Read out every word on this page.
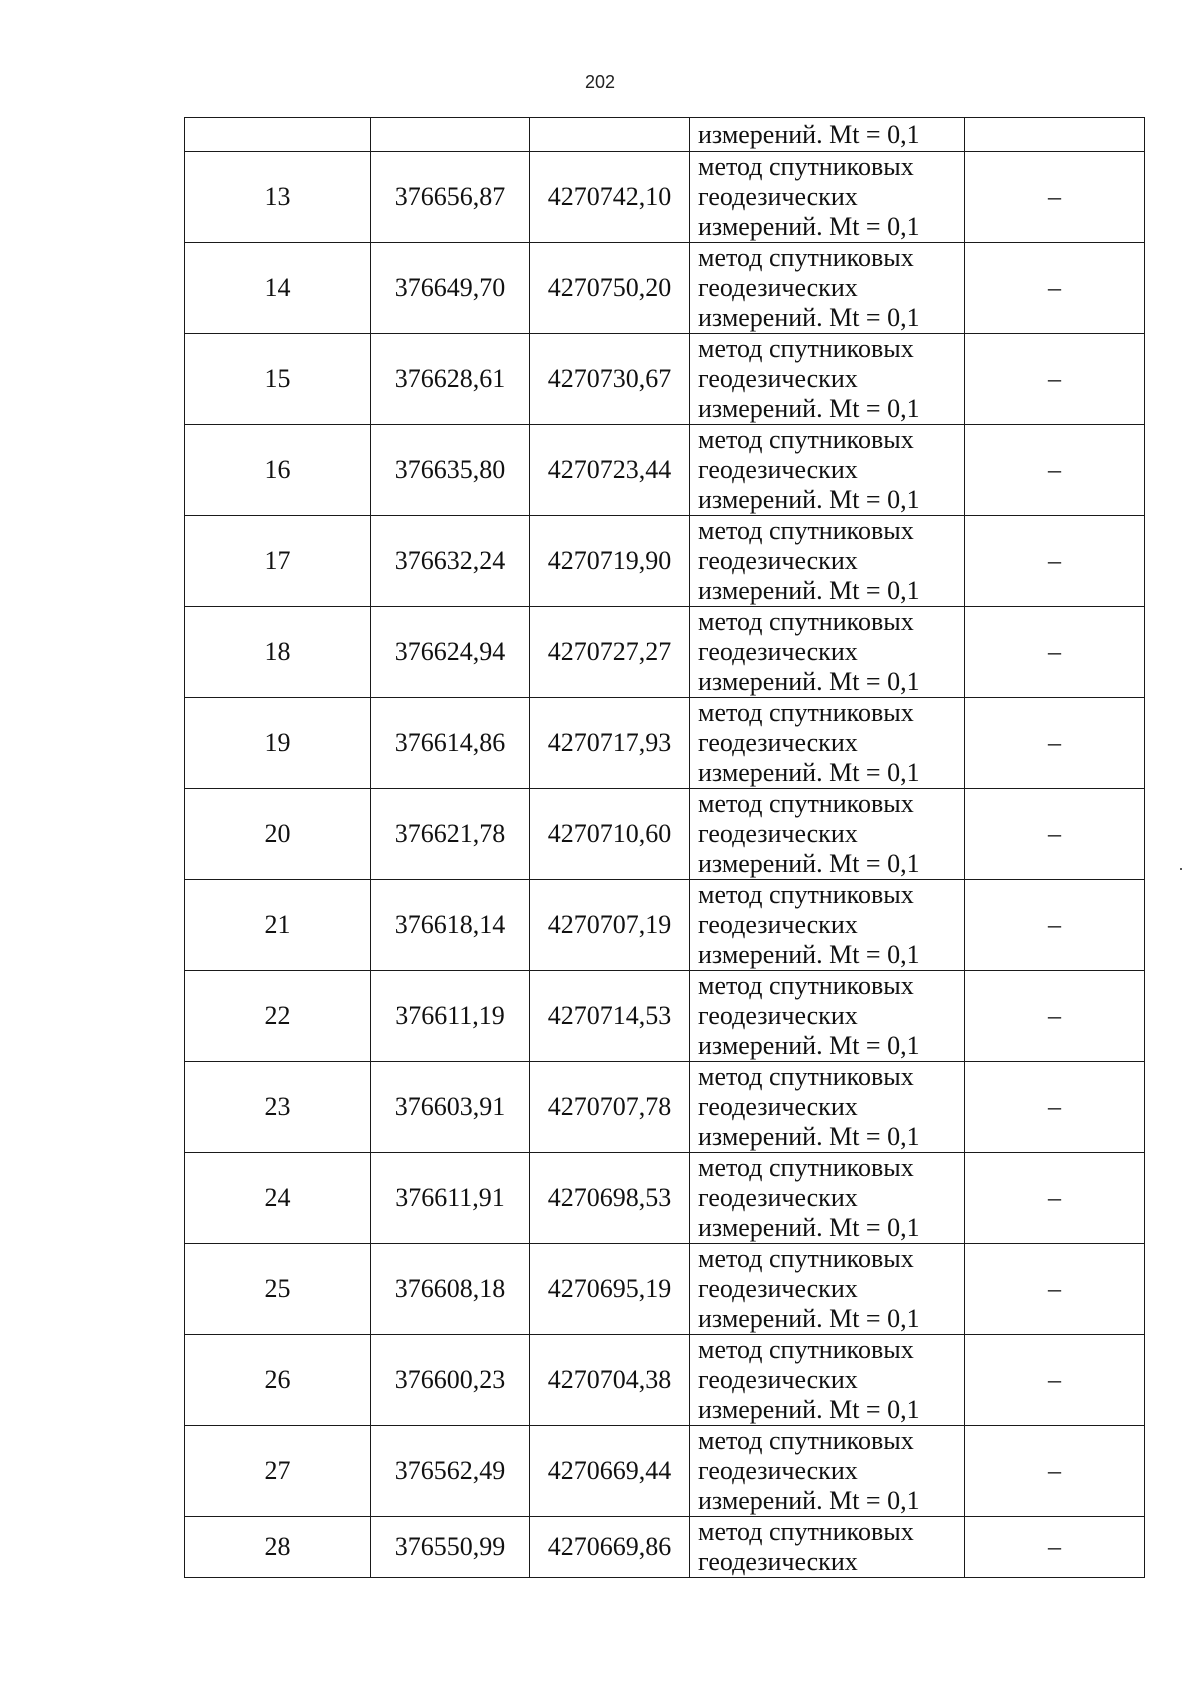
202
			измерений. Mt = 0,1	
13	376656,87	4270742,10	метод спутниковых
геодезических
измерений. Mt = 0,1	–
14	376649,70	4270750,20	метод спутниковых
геодезических
измерений. Mt = 0,1	–
15	376628,61	4270730,67	метод спутниковых
геодезических
измерений. Mt = 0,1	–
16	376635,80	4270723,44	метод спутниковых
геодезических
измерений. Mt = 0,1	–
17	376632,24	4270719,90	метод спутниковых
геодезических
измерений. Mt = 0,1	–
18	376624,94	4270727,27	метод спутниковых
геодезических
измерений. Mt = 0,1	–
19	376614,86	4270717,93	метод спутниковых
геодезических
измерений. Mt = 0,1	–
20	376621,78	4270710,60	метод спутниковых
геодезических
измерений. Mt = 0,1	–
21	376618,14	4270707,19	метод спутниковых
геодезических
измерений. Mt = 0,1	–
22	376611,19	4270714,53	метод спутниковых
геодезических
измерений. Mt = 0,1	–
23	376603,91	4270707,78	метод спутниковых
геодезических
измерений. Mt = 0,1	–
24	376611,91	4270698,53	метод спутниковых
геодезических
измерений. Mt = 0,1	–
25	376608,18	4270695,19	метод спутниковых
геодезических
измерений. Mt = 0,1	–
26	376600,23	4270704,38	метод спутниковых
геодезических
измерений. Mt = 0,1	–
27	376562,49	4270669,44	метод спутниковых
геодезических
измерений. Mt = 0,1	–
28	376550,99	4270669,86	метод спутниковых
геодезических	–
